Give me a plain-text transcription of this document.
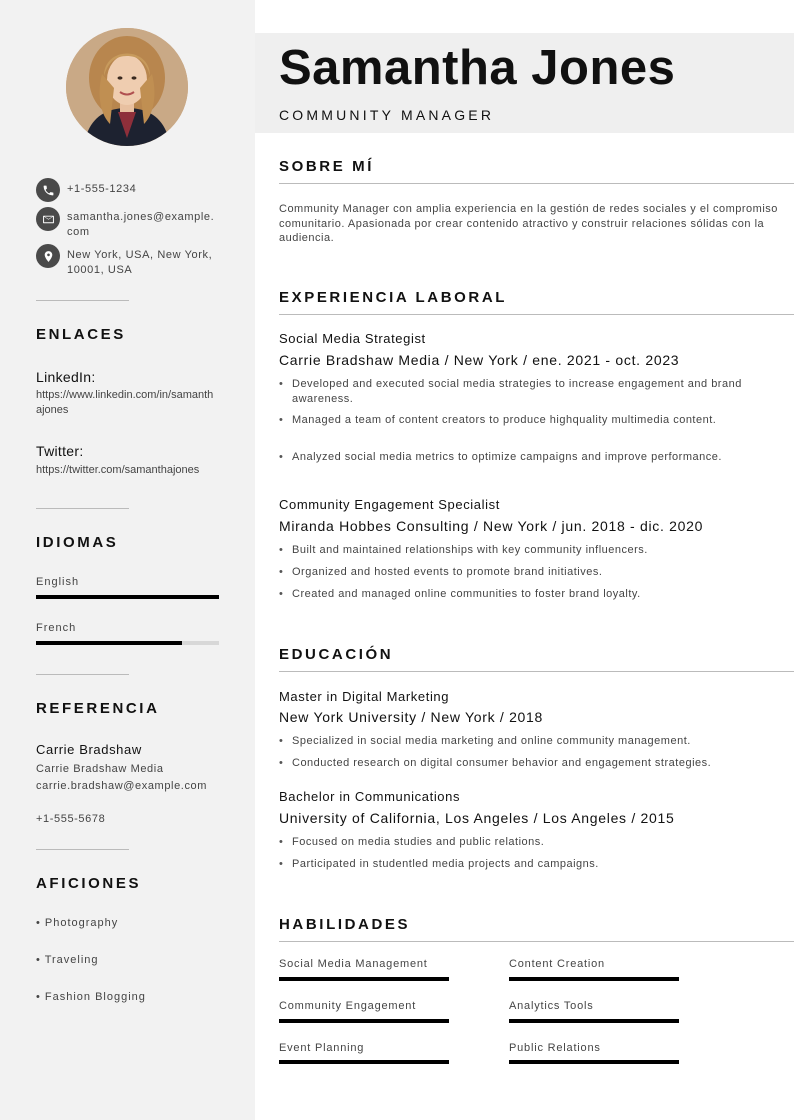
+1-555-1234
samantha.jones@example.com
New York, USA, New York, 10001, USA
ENLACES
LinkedIn:
https://www.linkedin.com/in/samanthajones
Twitter:
https://twitter.com/samanthajones
IDIOMAS
English
French
REFERENCIA
Carrie Bradshaw
Carrie Bradshaw Media
carrie.bradshaw@example.com
+1-555-5678
AFICIONES
• Photography
• Traveling
• Fashion Blogging
Samantha Jones
COMMUNITY MANAGER
SOBRE MÍ
Community Manager con amplia experiencia en la gestión de redes sociales y el compromiso comunitario. Apasionada por crear contenido atractivo y construir relaciones sólidas con la audiencia.
EXPERIENCIA LABORAL
Social Media Strategist
Carrie Bradshaw Media / New York / ene. 2021 - oct. 2023
• Developed and executed social media strategies to increase engagement and brand awareness.
• Managed a team of content creators to produce highquality multimedia content.
• Analyzed social media metrics to optimize campaigns and improve performance.
Community Engagement Specialist
Miranda Hobbes Consulting / New York / jun. 2018 - dic. 2020
• Built and maintained relationships with key community influencers.
• Organized and hosted events to promote brand initiatives.
• Created and managed online communities to foster brand loyalty.
EDUCACIÓN
Master in Digital Marketing
New York University / New York / 2018
• Specialized in social media marketing and online community management.
• Conducted research on digital consumer behavior and engagement strategies.
Bachelor in Communications
University of California, Los Angeles / Los Angeles / 2015
• Focused on media studies and public relations.
• Participated in studentled media projects and campaigns.
HABILIDADES
Social Media Management	Content Creation
Community Engagement	Analytics Tools
Event Planning	Public Relations
